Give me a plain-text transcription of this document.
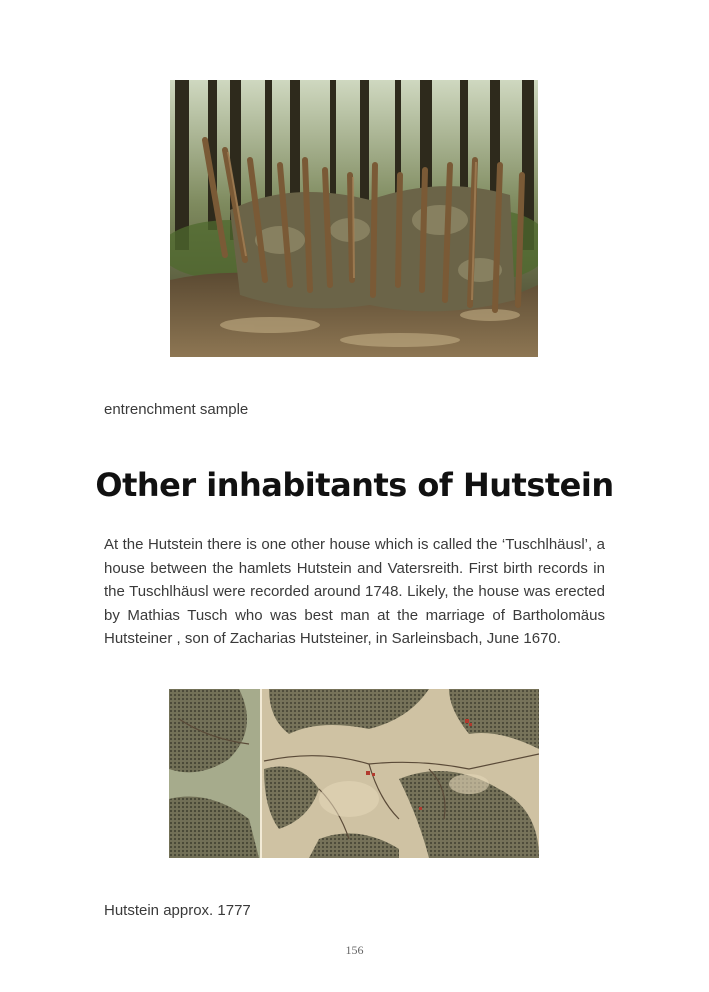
entrenchment sample
Other inhabitants of Hutstein

At the Hutstein there is one other house which is called the ‘Tuschlhäusl’, a house between the hamlets Hutstein and Vatersreith. First birth records in the Tuschlhäusl were recorded around 1748. Likely, the house was erected by Mathias Tusch who was best man at the marriage of Bartholomäus Hutsteiner , son of Zacharias Hutsteiner, in Sarleinsbach, June 1670.

Hutstein approx. 1777
156
